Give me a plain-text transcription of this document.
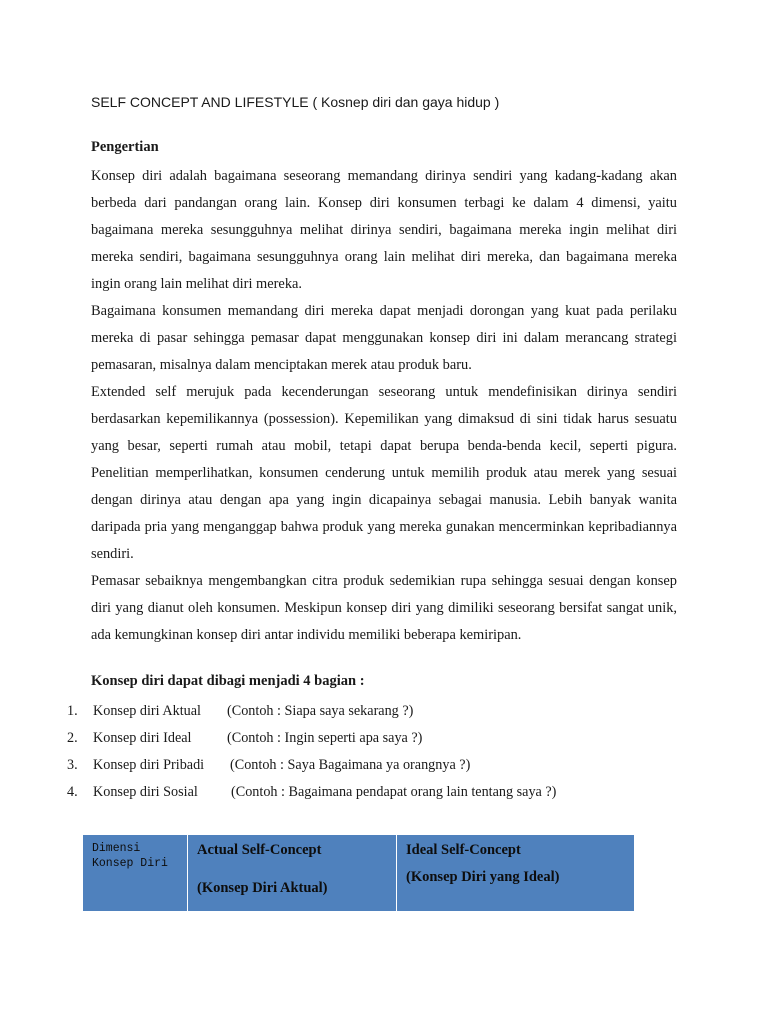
SELF CONCEPT AND LIFESTYLE ( Kosnep diri dan gaya hidup )
Pengertian

Konsep diri adalah bagaimana seseorang memandang dirinya sendiri yang kadang-kadang akan berbeda dari pandangan orang lain. Konsep diri konsumen terbagi ke dalam 4 dimensi, yaitu bagaimana mereka sesungguhnya melihat dirinya sendiri, bagaimana mereka ingin melihat diri mereka sendiri, bagaimana sesungguhnya orang lain melihat diri mereka, dan bagaimana mereka ingin orang lain melihat diri mereka.

Bagaimana konsumen memandang diri mereka dapat menjadi dorongan yang kuat pada perilaku mereka di pasar sehingga pemasar dapat menggunakan konsep diri ini dalam merancang strategi pemasaran, misalnya dalam menciptakan merek atau produk baru.

Extended self merujuk pada kecenderungan seseorang untuk mendefinisikan dirinya sendiri berdasarkan kepemilikannya (possession). Kepemilikan yang dimaksud di sini tidak harus sesuatu yang besar, seperti rumah atau mobil, tetapi dapat berupa benda-benda kecil, seperti pigura. Penelitian memperlihatkan, konsumen cenderung untuk memilih produk atau merek yang sesuai dengan dirinya atau dengan apa yang ingin dicapainya sebagai manusia. Lebih banyak wanita daripada pria yang menganggap bahwa produk yang mereka gunakan mencerminkan kepribadiannya sendiri.

Pemasar sebaiknya mengembangkan citra produk sedemikian rupa sehingga sesuai dengan konsep diri yang dianut oleh konsumen. Meskipun konsep diri yang dimiliki seseorang bersifat sangat unik, ada kemungkinan konsep diri antar individu memiliki beberapa kemiripan.

Konsep diri dapat dibagi menjadi 4 bagian :
1. Konsep diri Aktual (Contoh : Siapa saya sekarang ?)
2. Konsep diri Ideal	(Contoh : Ingin seperti apa saya ?)
3. Konsep diri Pribadi (Contoh : Saya Bagaimana ya orangnya ?)
4. Konsep diri Sosial (Contoh : Bagaimana pendapat orang lain tentang saya ?)
Dimensi
Konsep Diri

Actual Self-Concept
(Konsep Diri Aktual)

Ideal Self-Concept
(Konsep Diri yang Ideal)
